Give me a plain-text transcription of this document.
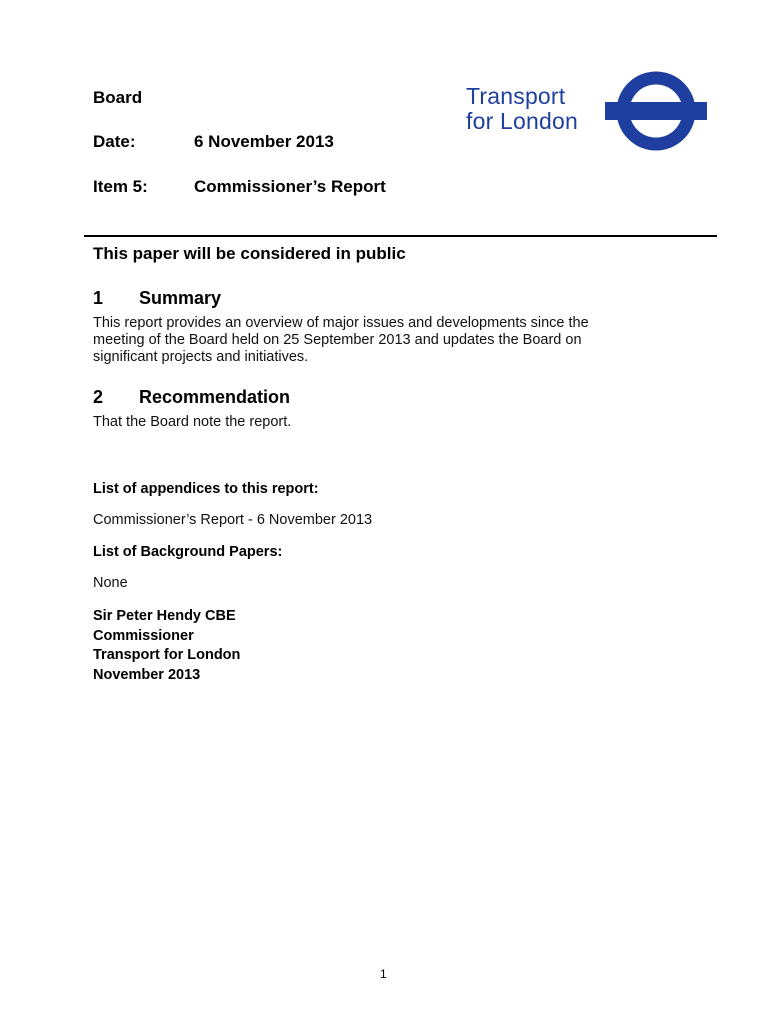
Board
Date:	6 November 2013
Item 5:	Commissioner’s Report
Transport
for London
This paper will be considered in public
1 Summary
This report provides an overview of major issues and developments since the
meeting of the Board held on 25 September 2013 and updates the Board on
significant projects and initiatives.
2 Recommendation
That the Board note the report.
List of appendices to this report:
Commissioner’s Report - 6 November 2013
List of Background Papers:
None
Sir Peter Hendy CBE
Commissioner
Transport for London
November 2013
1
